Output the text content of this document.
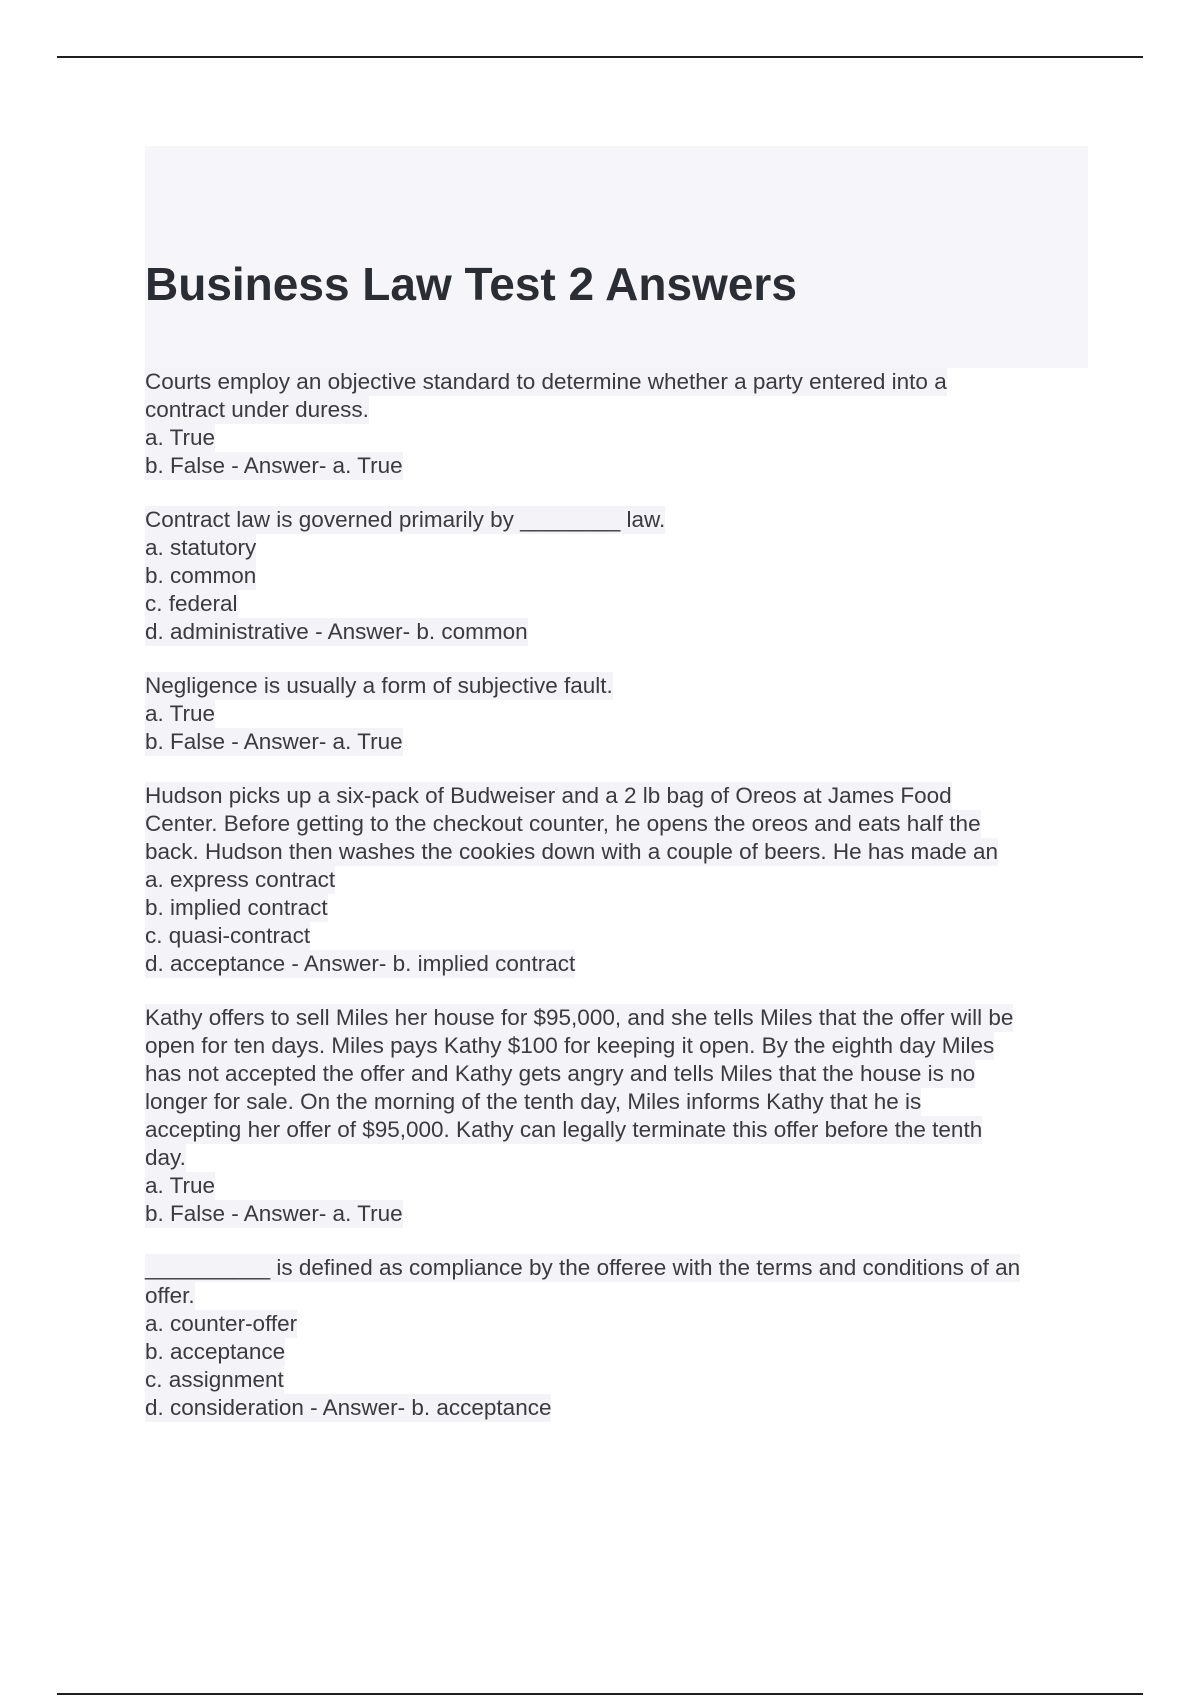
Business Law Test 2 Answers
Courts employ an objective standard to determine whether a party entered into a
contract under duress.
a. True
b. False - Answer- a. True
Contract law is governed primarily by ________ law.
a. statutory
b. common
c. federal
d. administrative - Answer- b. common
Negligence is usually a form of subjective fault.
a. True
b. False - Answer- a. True
Hudson picks up a six-pack of Budweiser and a 2 lb bag of Oreos at James Food
Center. Before getting to the checkout counter, he opens the oreos and eats half the
back. Hudson then washes the cookies down with a couple of beers. He has made an
a. express contract
b. implied contract
c. quasi-contract
d. acceptance - Answer- b. implied contract
Kathy offers to sell Miles her house for $95,000, and she tells Miles that the offer will be
open for ten days. Miles pays Kathy $100 for keeping it open. By the eighth day Miles
has not accepted the offer and Kathy gets angry and tells Miles that the house is no
longer for sale. On the morning of the tenth day, Miles informs Kathy that he is
accepting her offer of $95,000. Kathy can legally terminate this offer before the tenth
day.
a. True
b. False - Answer- a. True
__________ is defined as compliance by the offeree with the terms and conditions of an
offer.
a. counter-offer
b. acceptance
c. assignment
d. consideration - Answer- b. acceptance
